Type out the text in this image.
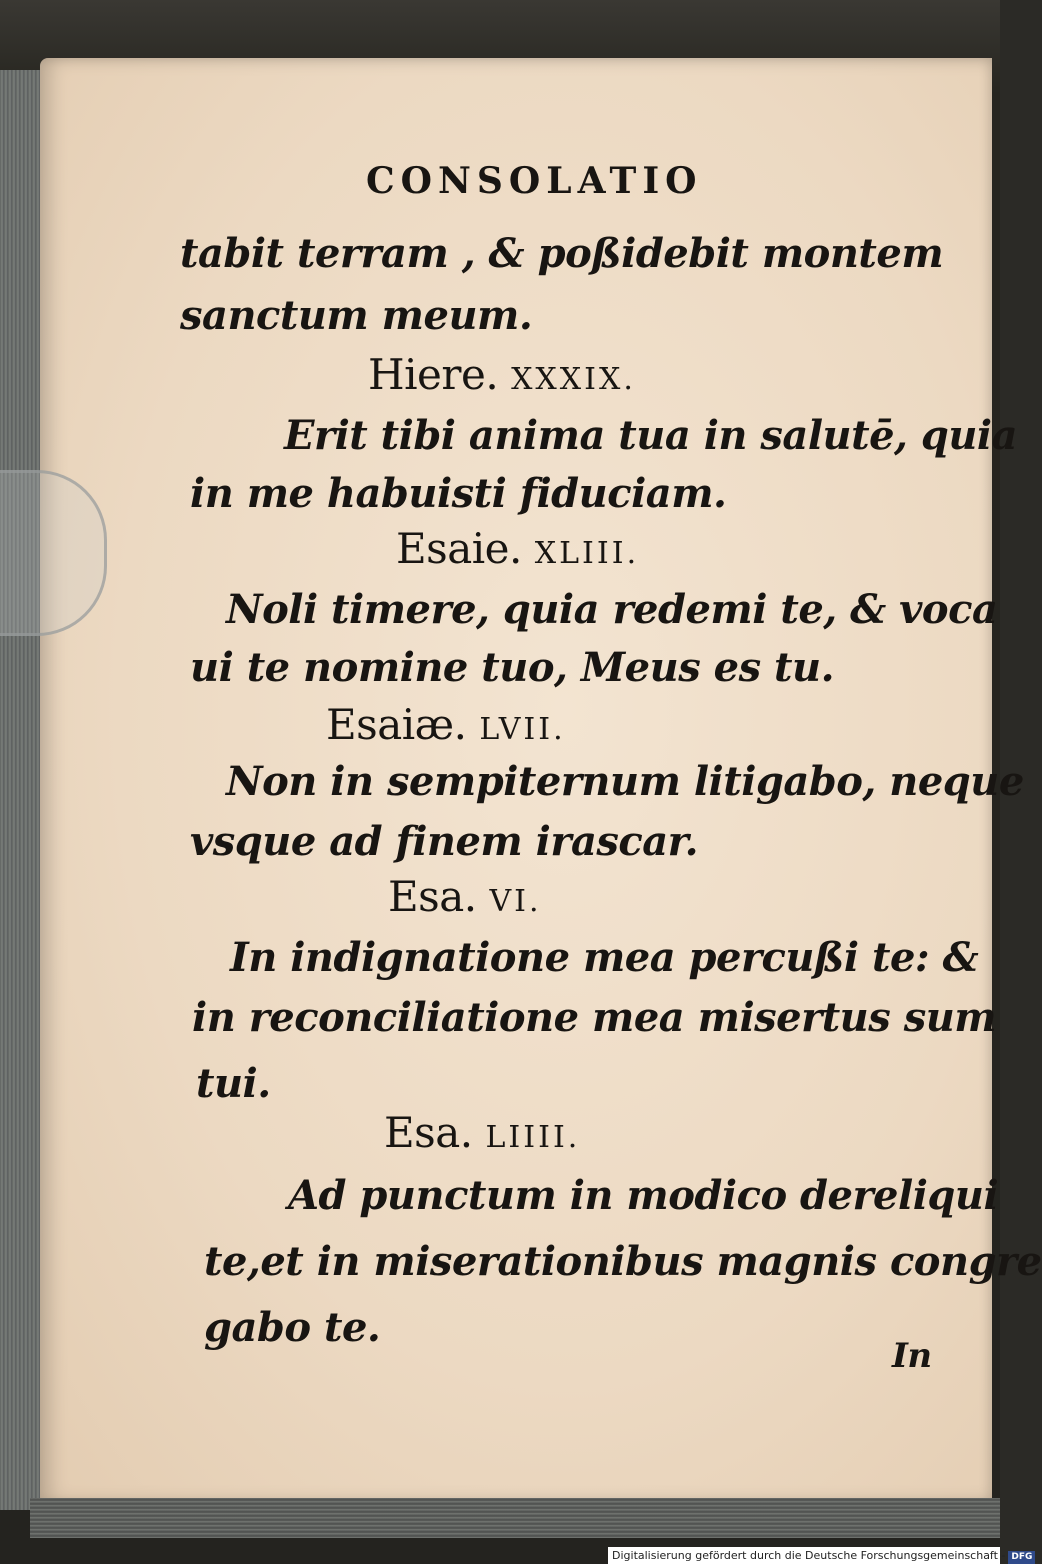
CONSOLATIO
tabit terram , & poßidebit montem
sanctum meum.
Hiere. XXXIX.
Erit tibi anima tua in salutē, quia
in me habuisti fiduciam.
Esaie. XLIII.
Noli timere, quia redemi te, & voca
ui te nomine tuo, Meus es tu.
Esaiæ. LVII.
Non in sempiternum litigabo, neque
vsque ad finem irascar.
Esa. VI.
In indignatione mea percußi te: &
in reconciliatione mea misertus sum
tui.
Esa. LIIII.
Ad punctum in modico dereliqui
te,et in miserationibus magnis congre
gabo te.
In
Digitalisierung gefördert durch die Deutsche Forschungsgemeinschaft - DFG
